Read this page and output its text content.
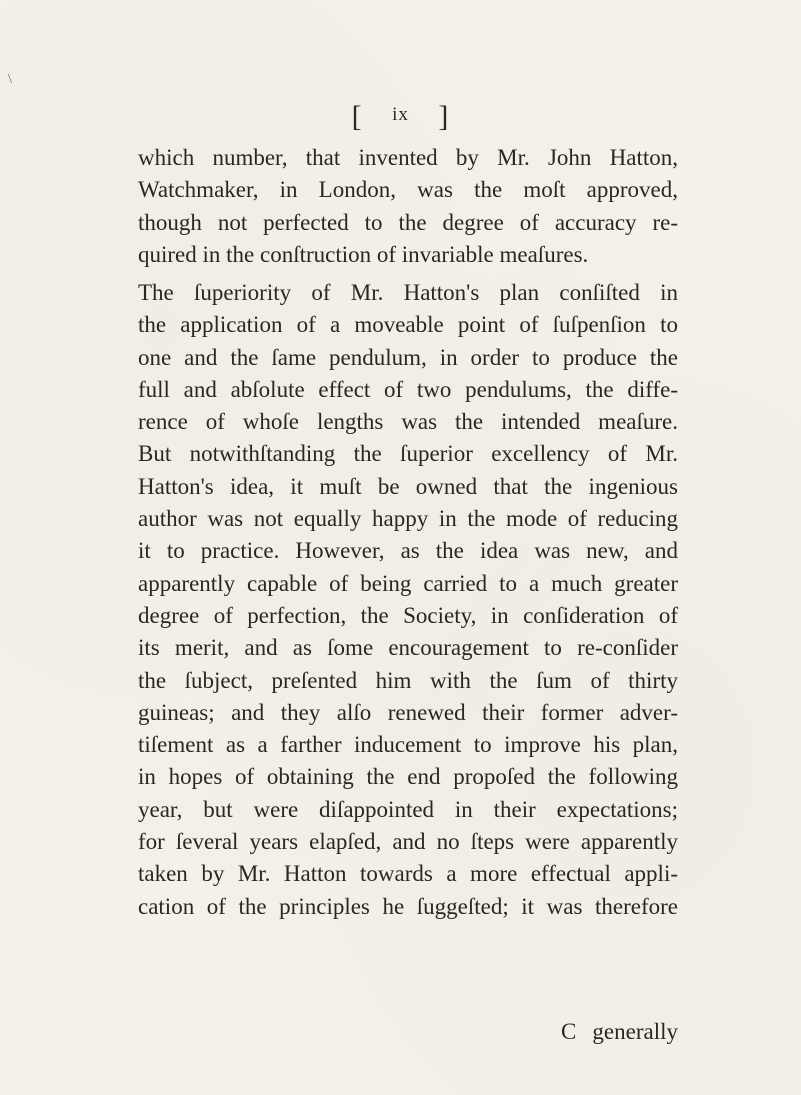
\
[ $^{ix}$ ]
which number, that invented by Mr. John Hatton,
Watchmaker, in London, was the moſt approved,
though not perfected to the degree of accuracy re-
quired in the conſtruction of invariable meaſures.
The ſuperiority of Mr. Hatton's plan conſiſted in
the application of a moveable point of ſuſpenſion to
one and the ſame pendulum, in order to produce the
full and abſolute effect of two pendulums, the diffe-
rence of whoſe lengths was the intended meaſure.
But notwithſtanding the ſuperior excellency of Mr.
Hatton's idea, it muſt be owned that the ingenious
author was not equally happy in the mode of reducing
it to practice. However, as the idea was new, and
apparently capable of being carried to a much greater
degree of perfection, the Society, in conſideration of
its merit, and as ſome encouragement to re-conſider
the ſubject, preſented him with the ſum of thirty
guineas; and they alſo renewed their former adver-
tiſement as a farther inducement to improve his plan,
in hopes of obtaining the end propoſed the following
year, but were diſappointed in their expectations;
for ſeveral years elapſed, and no ſteps were apparently
taken by Mr. Hatton towards a more effectual appli-
cation of the principles he ſuggeſted; it was therefore
C generally
